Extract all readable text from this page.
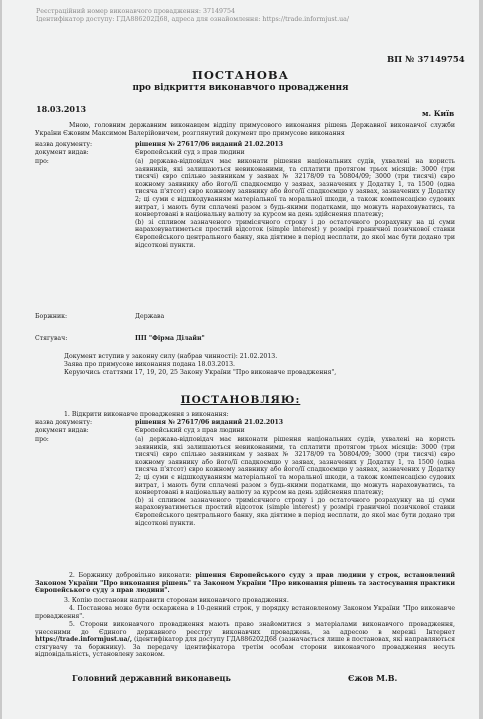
Реєстраційний номер виконавчого провадження: 37149754
Ідентифікатор доступу: ГДА886202Д68, адреса для ознайомлення: https://trade.informjust.ua/
ВП № 37149754
ПОСТАНОВА
про відкриття виконавчого провадження
18.03.2013	м. Київ
Мною, головним державним виконавцем відділу примусового виконання рішень Державної виконавчої служби України Єжовим Максимом Валерійовичем, розглянутий документ про примусове виконання
назва документу:	рішення № 27617/06 виданий 21.02.2013
документ видав:	Європейський суд з прав людини
про:	(а) держава-відповідач має виконати рішення національних судів, ухвалені на користь заявників, які залишаються невиконаними, та сплатити протягом трьох місяців: 3000 (три тисячі) євро спільно заявникам у заявах № 32178/09 та 50804/09; 3000 (три тисячі) євро кожному заявнику або його/її спадкоємцю у заявах, зазначених у Додатку 1, та 1500 (одна тисяча п'ятсот) євро кожному заявнику або його/її спадкоємцю у заявах, зазначених у Додатку 2; ці суми є відшкодуванням матеріальної та моральної шкоди, а також компенсацією судових витрат, і мають бути сплачені разом з будь-якими податками, що можуть нараховуватись, та конвертовані в національну валюту за курсом на день здійснення платежу;
(b) зі спливом зазначеного тримісячного строку і до остаточного розрахунку на ці суми нараховуватиметься простий відсоток (simple interest) у розмірі граничної позичкової ставки Європейського центрального банку, яка діятиме в період несплати, до якої має бути додано три відсоткові пункти.
Боржник:	Держава
Стягувач:	ПП "Фірма Ділайн"
Документ вступив у законну силу (набрав чинності): 21.02.2013.
Заява про примусове виконання подана 18.03.2013.
Керуючись статтями 17, 19, 20, 25 Закону України "Про виконавче провадження",
ПОСТАНОВЛЯЮ:
1. Відкрити виконавче провадження з виконання:
назва документу:	рішення № 27617/06 виданий 21.02.2013
документ видав:	Європейський суд з прав людини
про:	(а) держава-відповідач має виконати рішення національних судів, ухвалені на користь заявників, які залишаються невиконаними, та сплатити протягом трьох місяців: 3000 (три тисячі) євро спільно заявникам у заявах № 32178/09 та 50804/09; 3000 (три тисячі) євро кожному заявнику або його/її спадкоємцю у заявах, зазначених у Додатку 1, та 1500 (одна тисяча п'ятсот) євро кожному заявнику або його/її спадкоємцю у заявах, зазначених у Додатку 2; ці суми є відшкодуванням матеріальної та моральної шкоди, а також компенсацією судових витрат, і мають бути сплачені разом з будь-якими податками, що можуть нараховуватись, та конвертовані в національну валюту за курсом на день здійснення платежу;
(b) зі спливом зазначеного тримісячного строку і до остаточного розрахунку на ці суми нараховуватиметься простий відсоток (simple interest) у розмірі граничної позичкової ставки Європейського центрального банку, яка діятиме в період несплати, до якої має бути додано три відсоткові пункти.
2. Боржнику добровільно виконати: рішення Європейського суду з прав людини у строк, встановлений Законом України "Про виконання рішень" та Законом України "Про виконання рішень та застосування практики Європейського суду з прав людини".
3. Копію постанови направити сторонам виконавчого провадження.
4. Постанова може бути оскаржена в 10-денний строк, у порядку встановленому Законом України "Про виконавче провадження".
5. Сторони виконавчого провадження мають право знайомитися з матеріалами виконавчого провадження, унесеними до Єдиного державного реєстру виконавчих проваджень, за адресою в мережі Інтернет https://trade.informjust.ua/, (ідентифікатор для доступу ГДА886202Д68 (зазначається лише в постановах, які направляються стягувачу та боржнику). За передачу ідентифікатора третім особам сторони виконавчого провадження несуть відповідальність, установлену законом.
Головний державний виконавець	Єжов М.В.
